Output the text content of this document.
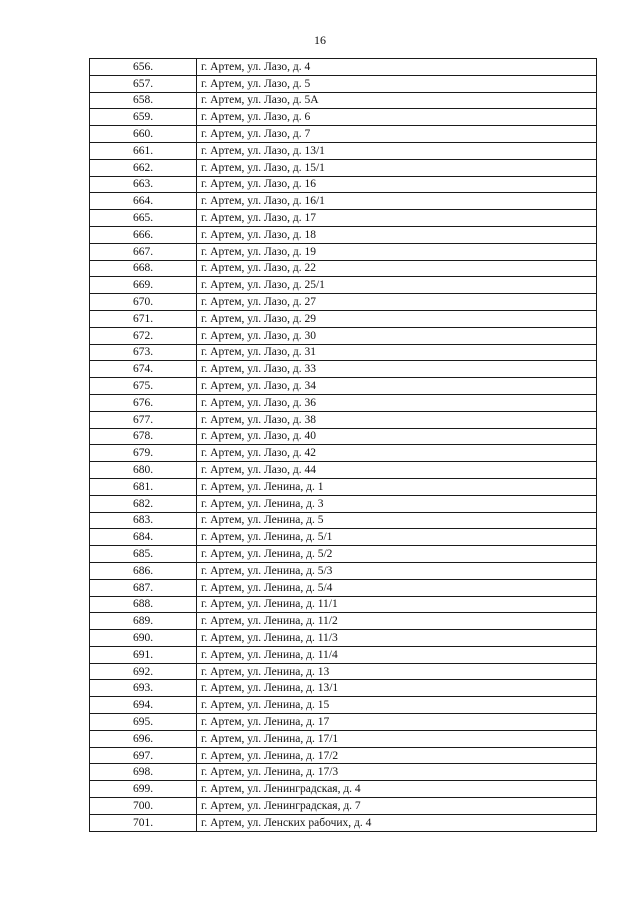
16
656.	г. Артем, ул. Лазо, д. 4
657.	г. Артем, ул. Лазо, д. 5
658.	г. Артем, ул. Лазо, д. 5А
659.	г. Артем, ул. Лазо, д. 6
660.	г. Артем, ул. Лазо, д. 7
661.	г. Артем, ул. Лазо, д. 13/1
662.	г. Артем, ул. Лазо, д. 15/1
663.	г. Артем, ул. Лазо, д. 16
664.	г. Артем, ул. Лазо, д. 16/1
665.	г. Артем, ул. Лазо, д. 17
666.	г. Артем, ул. Лазо, д. 18
667.	г. Артем, ул. Лазо, д. 19
668.	г. Артем, ул. Лазо, д. 22
669.	г. Артем, ул. Лазо, д. 25/1
670.	г. Артем, ул. Лазо, д. 27
671.	г. Артем, ул. Лазо, д. 29
672.	г. Артем, ул. Лазо, д. 30
673.	г. Артем, ул. Лазо, д. 31
674.	г. Артем, ул. Лазо, д. 33
675.	г. Артем, ул. Лазо, д. 34
676.	г. Артем, ул. Лазо, д. 36
677.	г. Артем, ул. Лазо, д. 38
678.	г. Артем, ул. Лазо, д. 40
679.	г. Артем, ул. Лазо, д. 42
680.	г. Артем, ул. Лазо, д. 44
681.	г. Артем, ул. Ленина, д. 1
682.	г. Артем, ул. Ленина, д. 3
683.	г. Артем, ул. Ленина, д. 5
684.	г. Артем, ул. Ленина, д. 5/1
685.	г. Артем, ул. Ленина, д. 5/2
686.	г. Артем, ул. Ленина, д. 5/3
687.	г. Артем, ул. Ленина, д. 5/4
688.	г. Артем, ул. Ленина, д. 11/1
689.	г. Артем, ул. Ленина, д. 11/2
690.	г. Артем, ул. Ленина, д. 11/3
691.	г. Артем, ул. Ленина, д. 11/4
692.	г. Артем, ул. Ленина, д. 13
693.	г. Артем, ул. Ленина, д. 13/1
694.	г. Артем, ул. Ленина, д. 15
695.	г. Артем, ул. Ленина, д. 17
696.	г. Артем, ул. Ленина, д. 17/1
697.	г. Артем, ул. Ленина, д. 17/2
698.	г. Артем, ул. Ленина, д. 17/3
699.	г. Артем, ул. Ленинградская, д. 4
700.	г. Артем, ул. Ленинградская, д. 7
701.	г. Артем, ул. Ленских рабочих, д. 4
